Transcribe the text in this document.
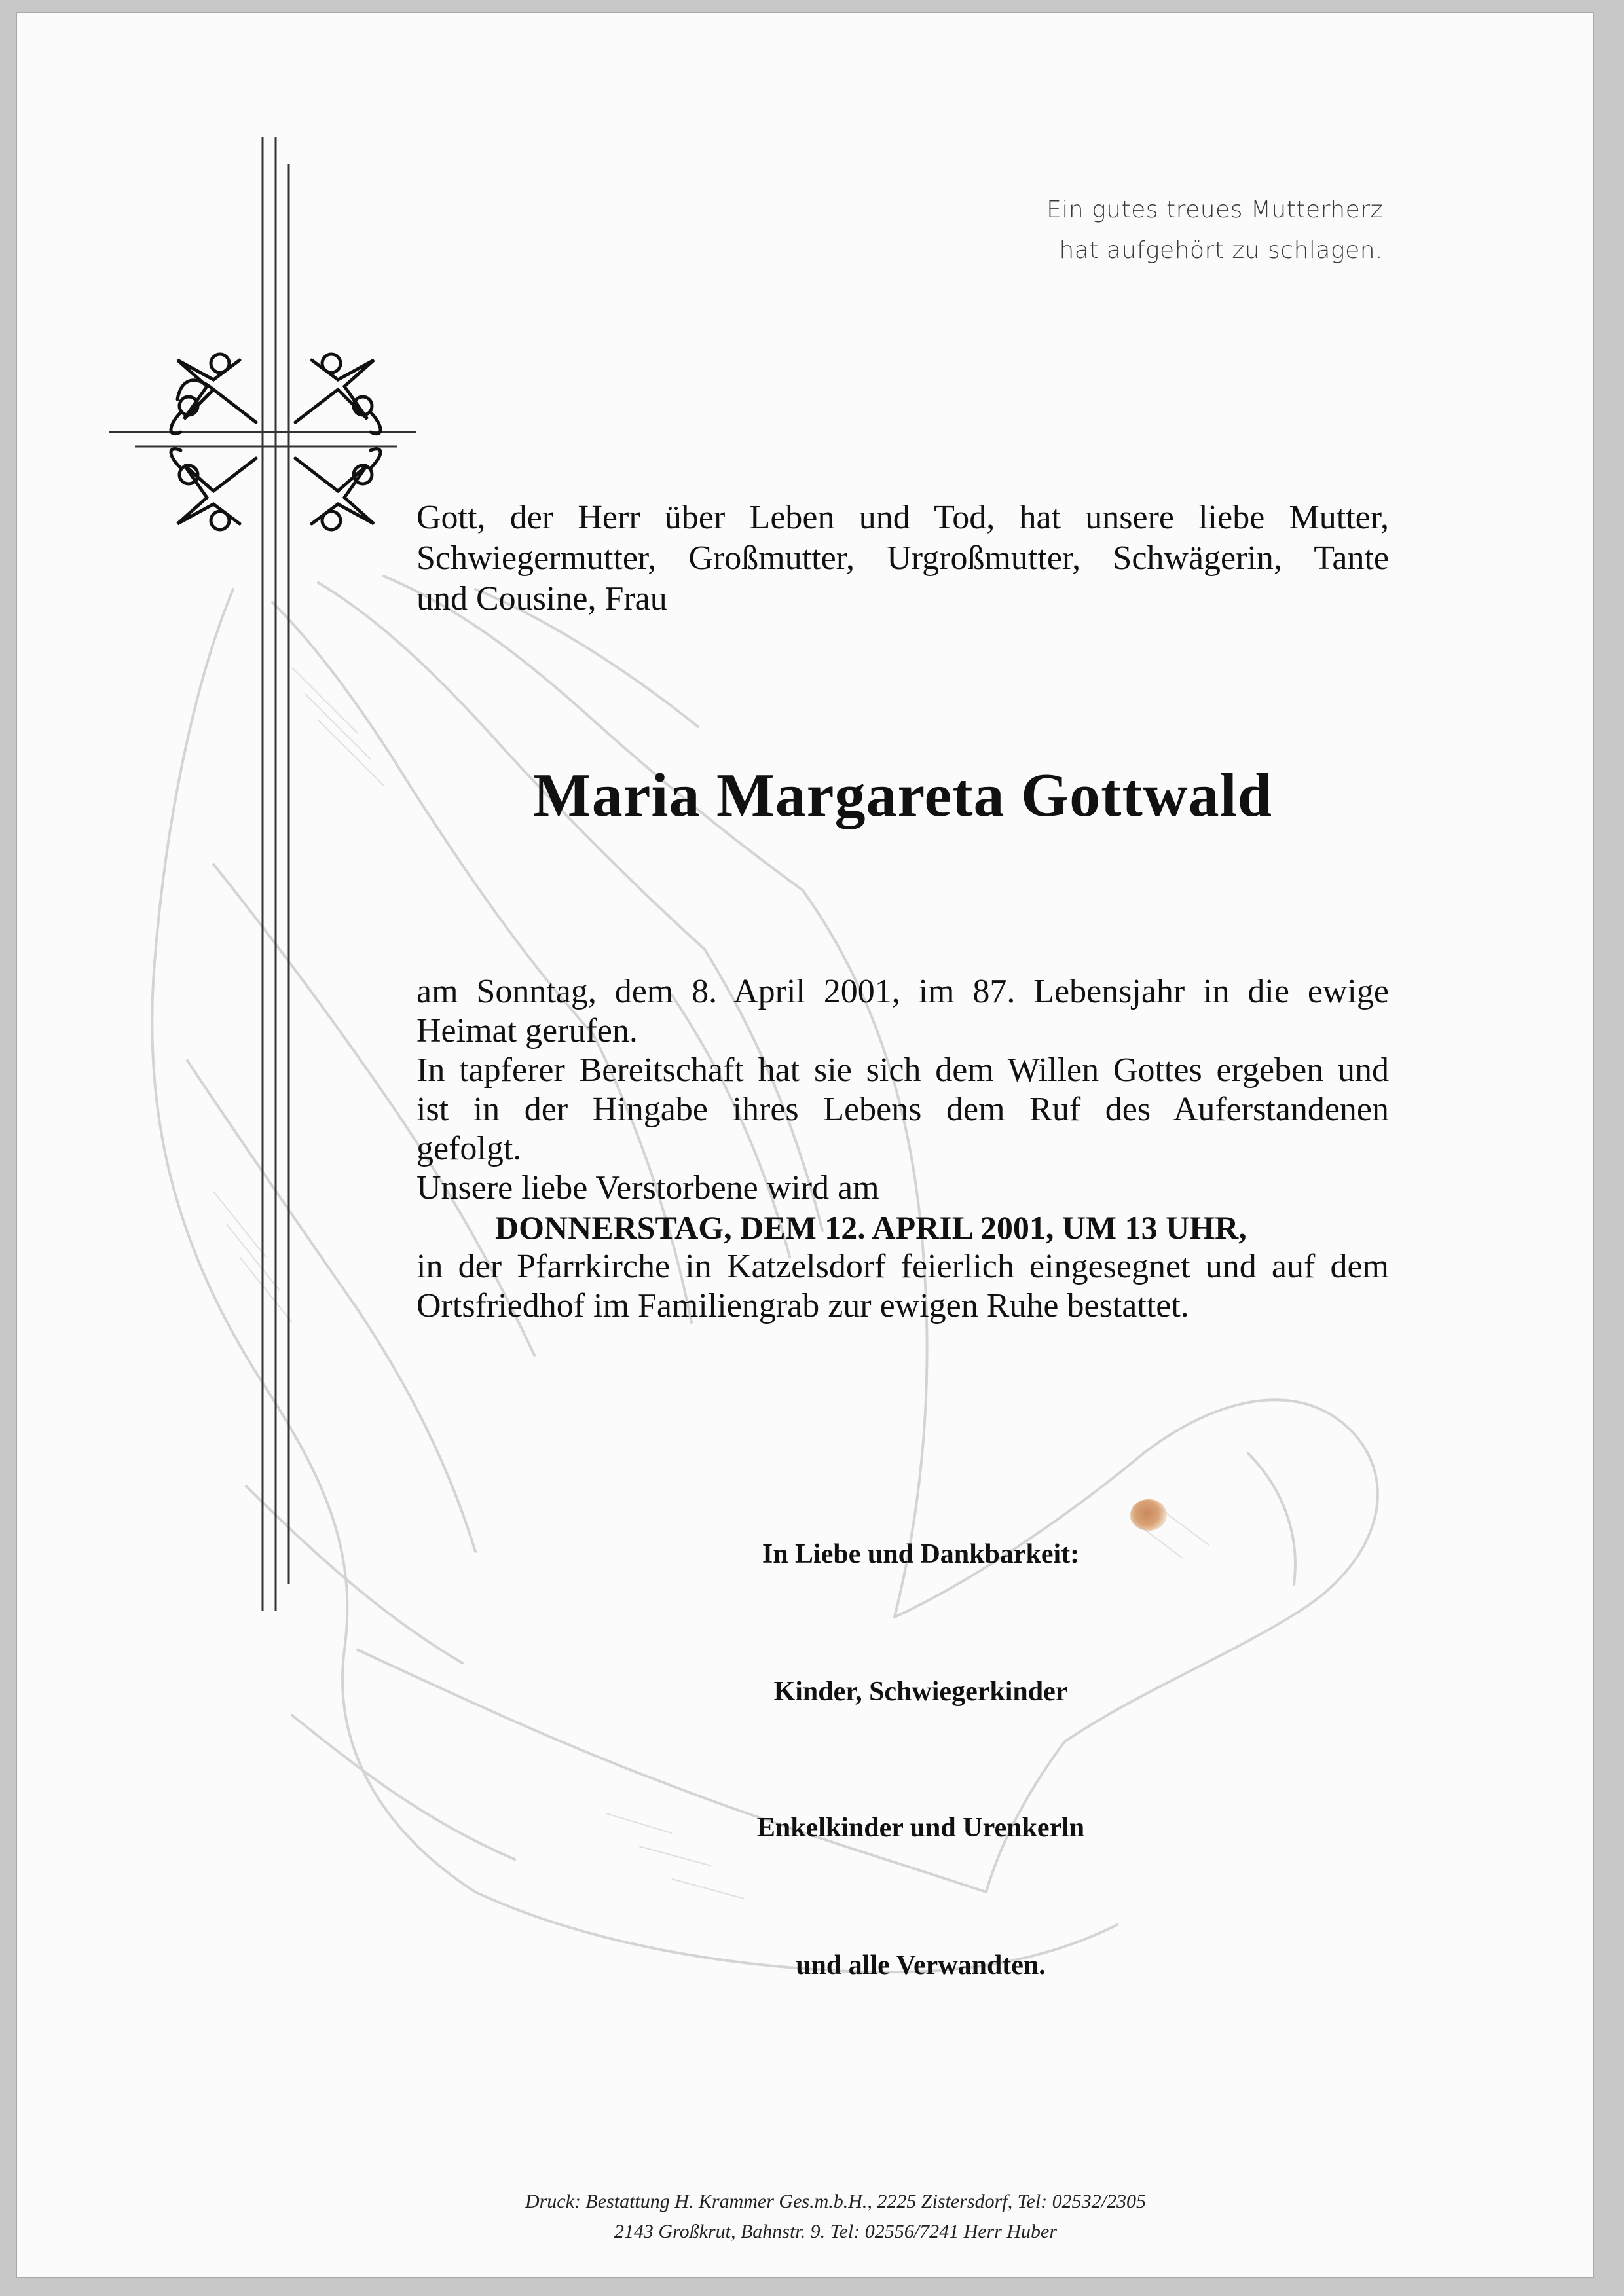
Ein gutes treues Mutterherz
hat aufgehört zu schlagen.
Gott, der Herr über Leben und Tod, hat unsere liebe Mutter,
Schwiegermutter, Großmutter, Urgroßmutter, Schwägerin, Tante
und Cousine, Frau
Maria Margareta Gottwald
am Sonntag, dem 8. April 2001, im 87. Lebensjahr in die ewige
Heimat gerufen.
In tapferer Bereitschaft hat sie sich dem Willen Gottes ergeben und
ist in der Hingabe ihres Lebens dem Ruf des Auferstandenen
gefolgt.
Unsere liebe Verstorbene wird am
DONNERSTAG, DEM 12. APRIL 2001, UM 13 UHR,
in der Pfarrkirche in Katzelsdorf feierlich eingesegnet und auf dem
Ortsfriedhof im Familiengrab zur ewigen Ruhe bestattet.
In Liebe und Dankbarkeit:
Kinder, Schwiegerkinder
Enkelkinder und Urenkerln
und alle Verwandten.
Druck: Bestattung H. Krammer Ges.m.b.H., 2225 Zistersdorf, Tel: 02532/2305
2143 Großkrut, Bahnstr. 9. Tel: 02556/7241 Herr Huber
